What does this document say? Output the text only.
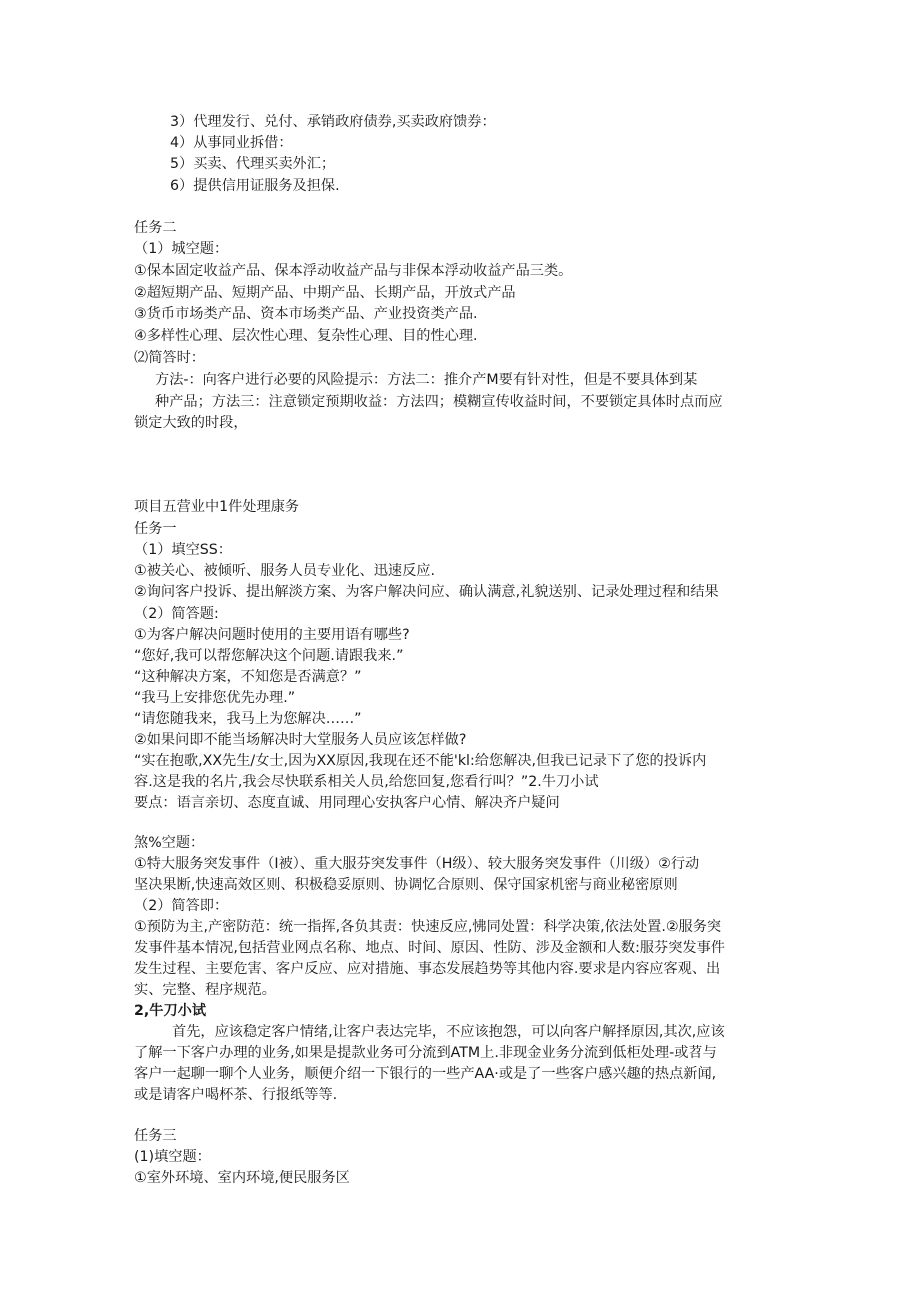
3）代理发行、兑付、承销政府债券,买卖政府馈券：
4）从事同业拆借：
5）买卖、代理买卖外汇；
6）提供信用证服务及担保.
任务二
（1）城空题：
①保本固定收益产品、保本浮动收益产品与非保本浮动收益产品三类。
②超短期产品、短期产品、中期产品、长期产品，开放式产品
③货币市场类产品、资本市场类产品、产业投资类产品.
④多样性心理、层次性心理、复杂性心理、目的性心理.
⑵简答时：
方法-：向客户进行必要的风险提示：方法二：推介产M要有针对性，但是不要具体到某
种产品；方法三：注意锁定预期收益：方法四；模糊宣传收益时间，不要锁定具体时点而应
锁定大致的时段，
项目五营业中1件处理康务
任务一
（1）填空SS：
①被关心、被倾听、服务人员专业化、迅速反应.
②询问客户投诉、提出解淡方案、为客户解决问应、确认满意,礼貌送别、记录处理过程和结果
（2）简答题:
①为客户解决问题时使用的主要用语有哪些?
“您好,我可以帮您解决这个问题.请跟我来.”
“这种解决方案，不知您是否满意？”
“我马上安排您优先办理.”
“请您随我来，我马上为您解决……”
②如果问即不能当场解决时大堂服务人员应该怎样做?
“实在抱歌,XX先生/女士,因为XX原因,我现在还不能'kl:给您解决,但我已记录下了您的投诉内
容.这是我的名片,我会尽快联系相关人员,给您回复,您看行叫？”2.牛刀小试
要点：语言亲切、态度直诚、用同理心安执客户心情、解决齐户疑问
煞%空题：
①特大服务突发事件（I被）、重大服芬突发事件（H级）、较大服务突发事件（川级）②行动
坚决果断,快速高效区则、积极稳妥原则、协调忆合原则、保守国家机密与商业秘密原则
（2）简答即：
①预防为主,产密防范：统一指挥,各负其责：快速反应,怫同处置：科学决策,依法处置.②服务突
发事件基本情况,包括营业网点名称、地点、时间、原因、性防、涉及金额和人数:服芬突发事件
发生过程、主要危害、客户反应、应对措施、事态发展趋势等其他内容.要求是内容应客观、出
实、完整、程序规范。
2,牛刀小试
首先，应该稳定客户情绪,让客户表达完毕，不应该抱怨，可以向客户解择原因,其次,应该
了解一下客户办理的业务,如果是提款业务可分流到ATM上.非现金业务分流到低柜处理-或苕与
客户一起聊一聊个人业务，顺便介绍一下银行的一些产AA·或是了一些客户感兴趣的热点新闻,
或是请客户喝杯茶、行报纸等等.
任务三
(1)填空题：
①室外环境、室内环境,便民服务区
